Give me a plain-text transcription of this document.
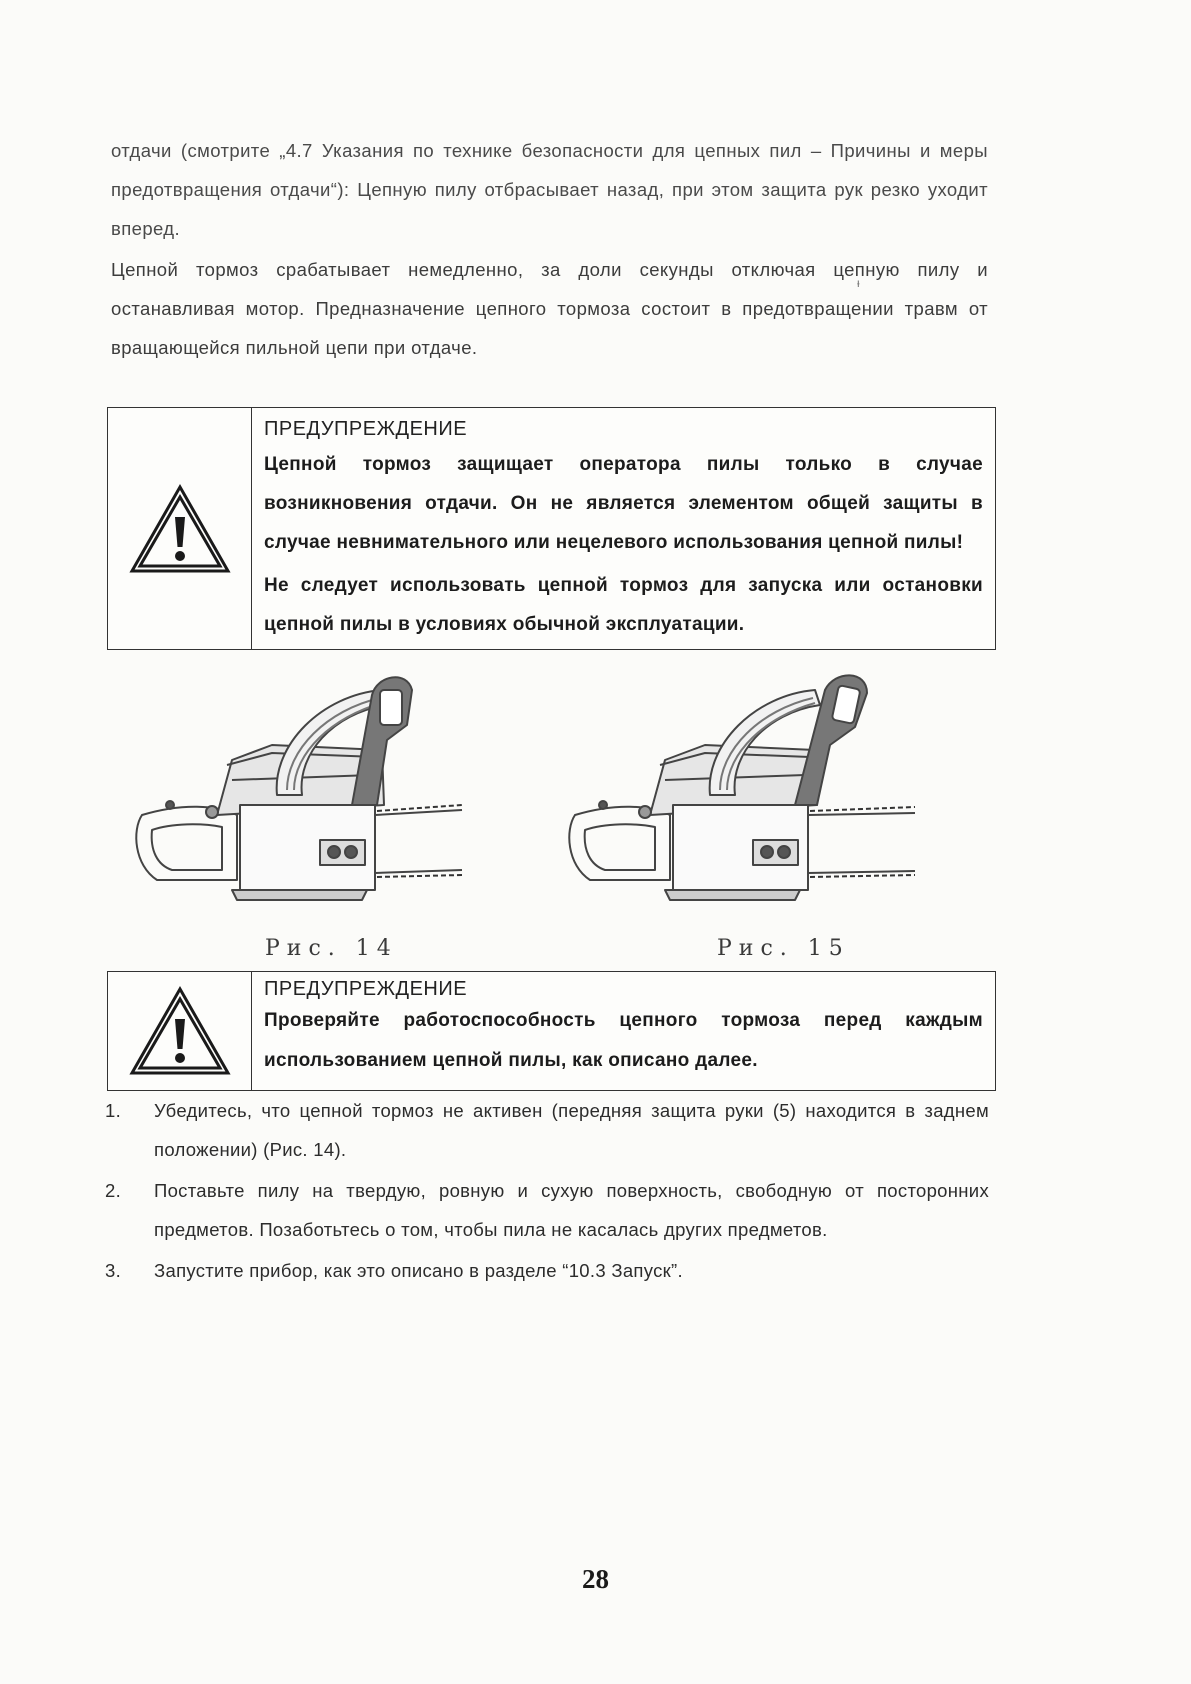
отдачи (смотрите „4.7 Указания по технике безопасности для цепных пил – Причины и меры предотвращения отдачи“): Цепную пилу отбрасывает назад, при этом защита рук резко уходит вперед.
Цепной тормоз срабатывает немедленно, за доли секунды отключая цепную пилу и останавливая мотор. Предназначение цепного тормоза состоит в предотвращении травм от вращающейся пильной цепи при отдаче.
ᵻ
ПРЕДУПРЕЖДЕНИЕ
Цепной тормоз защищает оператора пилы только в случае возникновения отдачи. Он не является элементом общей защиты в случае невнимательного или нецелевого использования цепной пилы!
Не следует использовать цепной тормоз для запуска или остановки цепной пилы в условиях обычной эксплуатации.
Рис. 14	Рис. 15
ПРЕДУПРЕЖДЕНИЕ
Проверяйте работоспособность цепного тормоза перед каждым использованием цепной пилы, как описано далее.
1. Убедитесь, что цепной тормоз не активен (передняя защита руки (5) находится в заднем положении) (Рис. 14).
2. Поставьте пилу на твердую, ровную и сухую поверхность, свободную от посторонних предметов. Позаботьтесь о том, чтобы пила не касалась других предметов.
3. Запустите прибор, как это описано в разделе “10.3 Запуск”.
28
